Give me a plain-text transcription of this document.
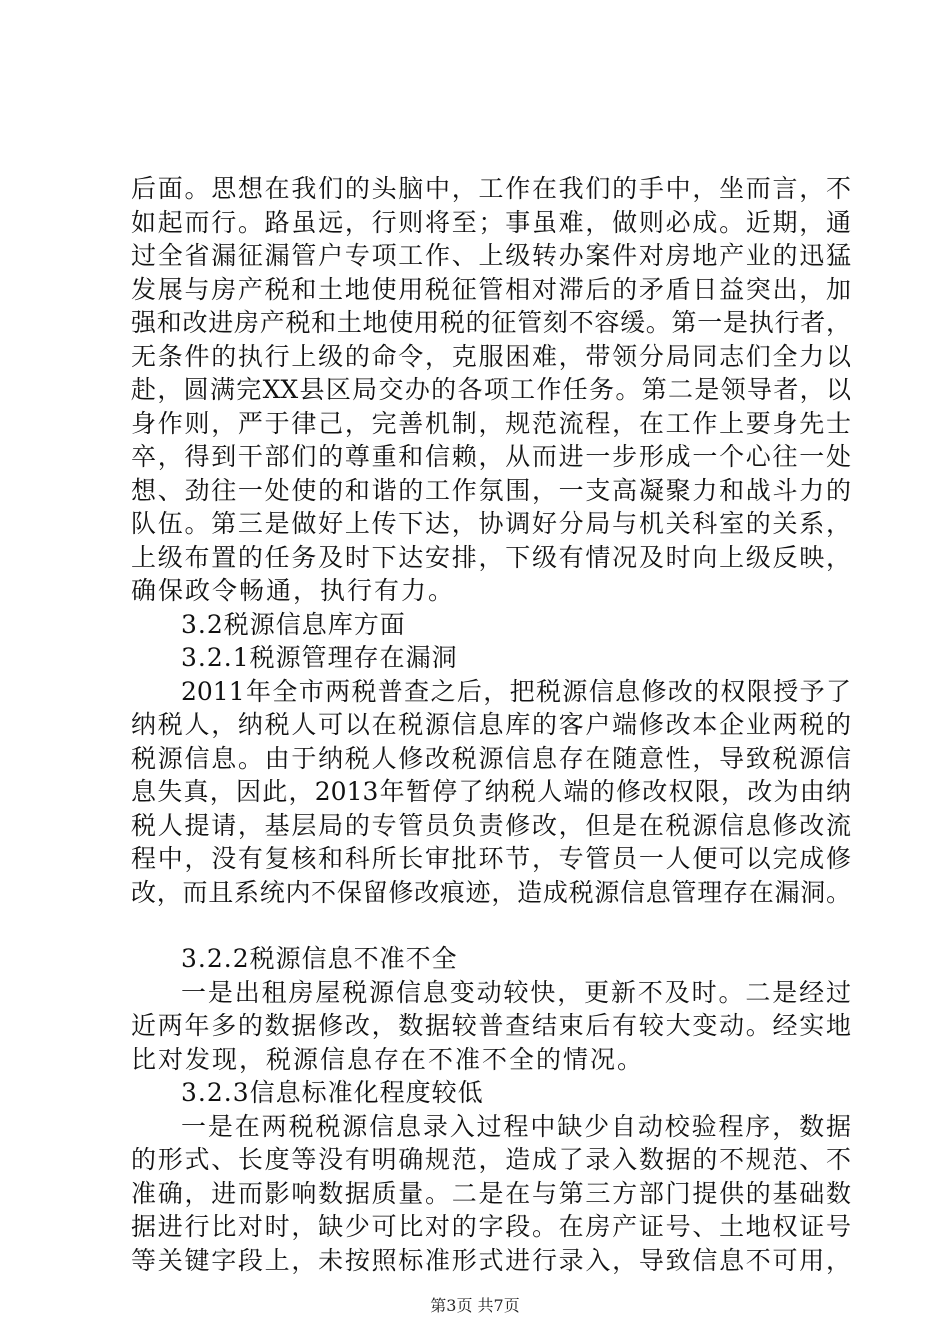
后面。思想在我们的头脑中，工作在我们的手中，坐而言，不
如起而行。路虽远，行则将至；事虽难，做则必成。近期，通
过全省漏征漏管户专项工作、上级转办案件对房地产业的迅猛
发展与房产税和土地使用税征管相对滞后的矛盾日益突出，加
强和改进房产税和土地使用税的征管刻不容缓。第一是执行者，
无条件的执行上级的命令，克服困难，带领分局同志们全力以
赴，圆满完XX县区局交办的各项工作任务。第二是领导者，以
身作则，严于律己，完善机制，规范流程，在工作上要身先士
卒，得到干部们的尊重和信赖，从而进一步形成一个心往一处
想、劲往一处使的和谐的工作氛围，一支高凝聚力和战斗力的
队伍。第三是做好上传下达，协调好分局与机关科室的关系，
上级布置的任务及时下达安排，下级有情况及时向上级反映，
确保政令畅通，执行有力。
3.2税源信息库方面
3.2.1税源管理存在漏洞
2011年全市两税普查之后，把税源信息修改的权限授予了
纳税人，纳税人可以在税源信息库的客户端修改本企业两税的
税源信息。由于纳税人修改税源信息存在随意性，导致税源信
息失真，因此，2013年暂停了纳税人端的修改权限，改为由纳
税人提请，基层局的专管员负责修改，但是在税源信息修改流
程中，没有复核和科所长审批环节，专管员一人便可以完成修
改，而且系统内不保留修改痕迹，造成税源信息管理存在漏洞。
3.2.2税源信息不准不全
一是出租房屋税源信息变动较快，更新不及时。二是经过
近两年多的数据修改，数据较普查结束后有较大变动。经实地
比对发现，税源信息存在不准不全的情况。
3.2.3信息标准化程度较低
一是在两税税源信息录入过程中缺少自动校验程序，数据
的形式、长度等没有明确规范，造成了录入数据的不规范、不
准确，进而影响数据质量。二是在与第三方部门提供的基础数
据进行比对时，缺少可比对的字段。在房产证号、土地权证号
等关键字段上，未按照标准形式进行录入，导致信息不可用，
第3页 共7页
